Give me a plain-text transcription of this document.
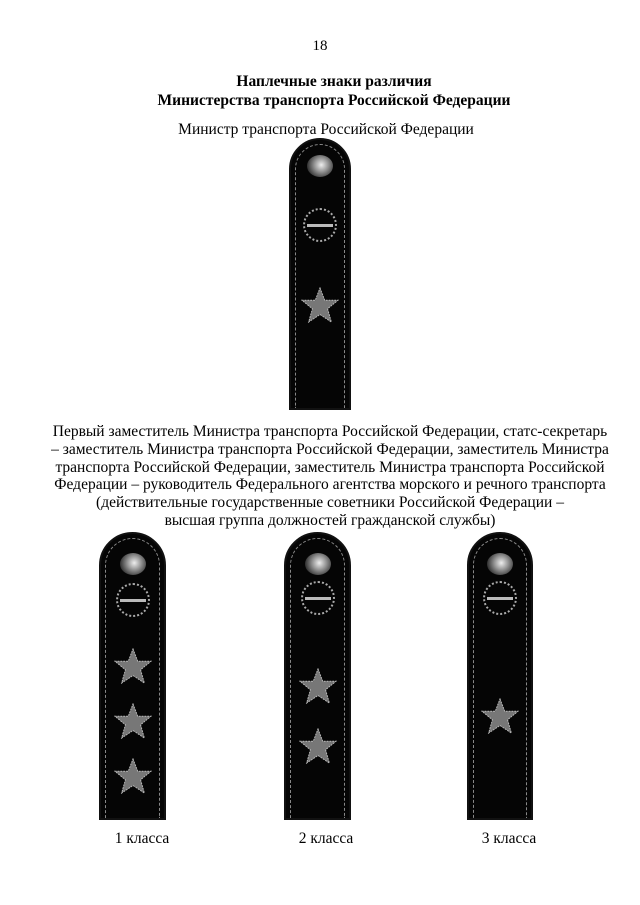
18
Наплечные знаки различия
Министерства транспорта Российской Федерации
Министр транспорта Российской Федерации
Первый заместитель Министра транспорта Российской Федерации, статс-секретарь
– заместитель Министра транспорта Российской Федерации, заместитель Министра
транспорта Российской Федерации, заместитель Министра транспорта Российской
Федерации – руководитель Федерального агентства морского и речного транспорта
(действительные государственные советники Российской Федерации –
высшая группа должностей гражданской службы)
1 класса	2 класса	3 класса
